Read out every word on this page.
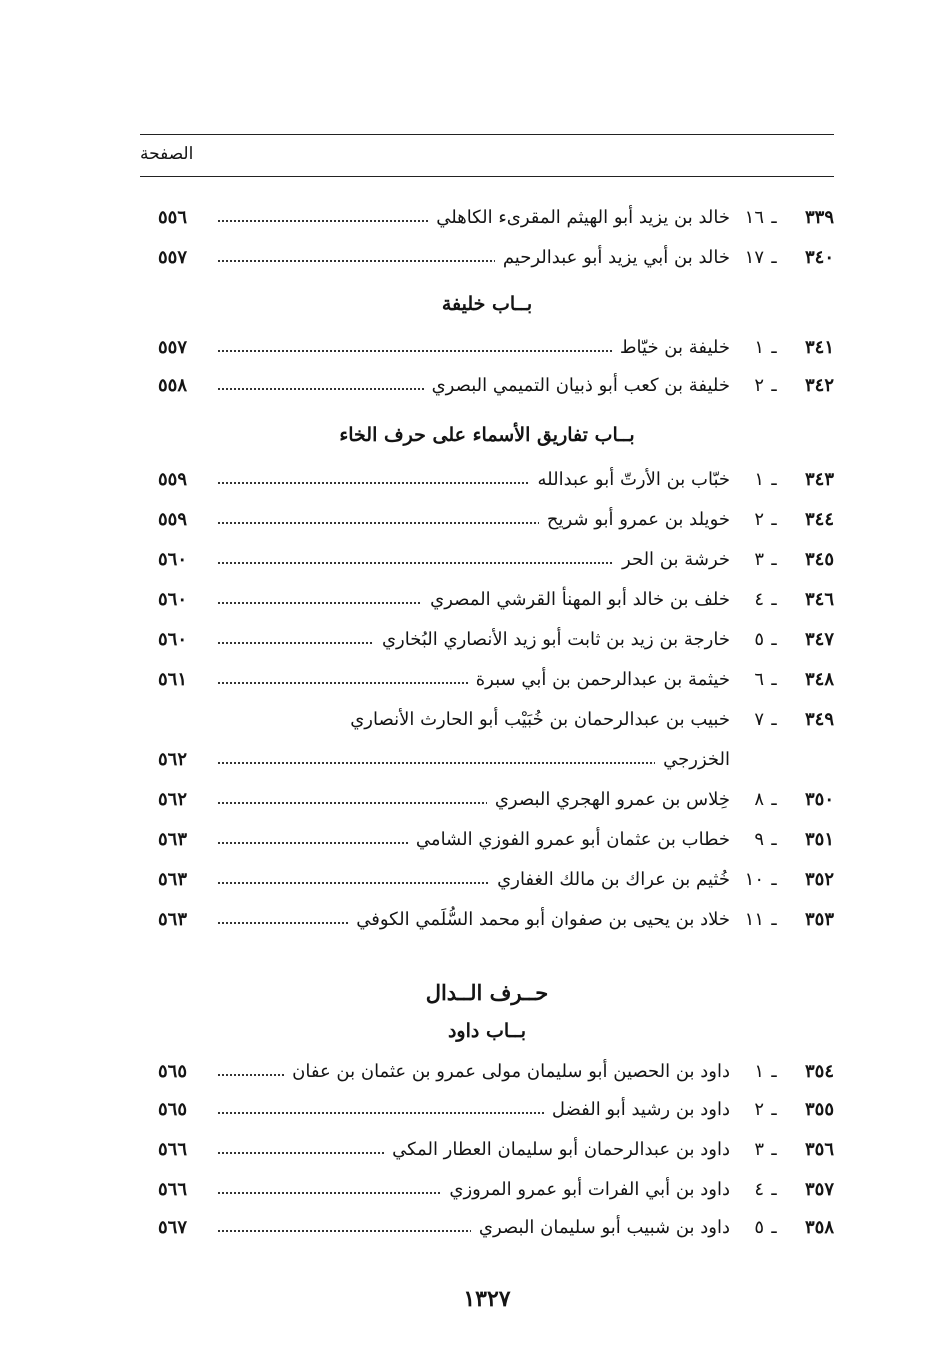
الصفحة
٣٣٩
١٦ ـ
خالد بن يزيد أبو الهيثم المقرىء الكاهلي
٥٥٦
٣٤٠
١٧ ـ
خالد بن أبي يزيد أبو عبدالرحيم
٥٥٧
بــاب خليفة
٣٤١
١ ـ
خليفة بن خيّاط
٥٥٧
٣٤٢
٢ ـ
خليفة بن كعب أبو ذبيان التميمي البصري
٥٥٨
بــاب تفاريق الأسماء على حرف الخاء
٣٤٣
١ ـ
خبّاب بن الأرتّ أبو عبدالله
٥٥٩
٣٤٤
٢ ـ
خويلد بن عمرو أبو شريح
٥٥٩
٣٤٥
٣ ـ
خرشة بن الحر
٥٦٠
٣٤٦
٤ ـ
خلف بن خالد أبو المهنأ القرشي المصري
٥٦٠
٣٤٧
٥ ـ
خارجة بن زيد بن ثابت أبو زيد الأنصاري البُخاري
٥٦٠
٣٤٨
٦ ـ
خيثمة بن عبدالرحمن بن أبي سبرة
٥٦١
٣٤٩
٧ ـ
خبيب بن عبدالرحمان بن خُبَيْب أبو الحارث الأنصاري
الخزرجي
٥٦٢
٣٥٠
٨ ـ
خِلاس بن عمرو الهجري البصري
٥٦٢
٣٥١
٩ ـ
خطاب بن عثمان أبو عمرو الفوزي الشامي
٥٦٣
٣٥٢
١٠ ـ
خُثيم بن عراك بن مالك الغفاري
٥٦٣
٣٥٣
١١ ـ
خلاد بن يحيى بن صفوان أبو محمد السُّلَمي الكوفي
٥٦٣
حــرف الــدال
بــاب داود
٣٥٤
١ ـ
داود بن الحصين أبو سليمان مولى عمرو بن عثمان بن عفان
٥٦٥
٣٥٥
٢ ـ
داود بن رشيد أبو الفضل
٥٦٥
٣٥٦
٣ ـ
داود بن عبدالرحمان أبو سليمان العطار المكي
٥٦٦
٣٥٧
٤ ـ
داود بن أبي الفرات أبو عمرو المروزي
٥٦٦
٣٥٨
٥ ـ
داود بن شبيب أبو سليمان البصري
٥٦٧
١٣٢٧
